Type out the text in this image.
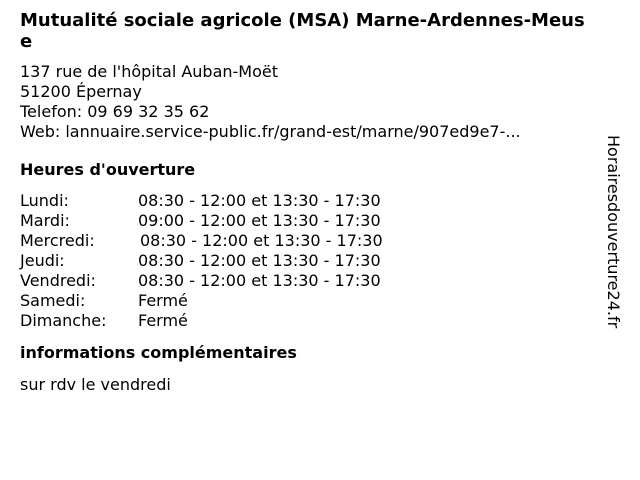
Mutualité sociale agricole (MSA) Marne-Ardennes-Meuse
137 rue de l'hôpital Auban-Moët
51200 Épernay
Telefon: 09 69 32 35 62
Web: lannuaire.service-public.fr/grand-est/marne/907ed9e7-...
Heures d'ouverture
Lundi:	08:30 - 12:00 et 13:30 - 17:30
Mardi:	09:00 - 12:00 et 13:30 - 17:30
Mercredi:	08:30 - 12:00 et 13:30 - 17:30
Jeudi:	08:30 - 12:00 et 13:30 - 17:30
Vendredi:	08:30 - 12:00 et 13:30 - 17:30
Samedi:	Fermé
Dimanche:	Fermé
informations complémentaires
sur rdv le vendredi
Horairesdouverture24.fr
